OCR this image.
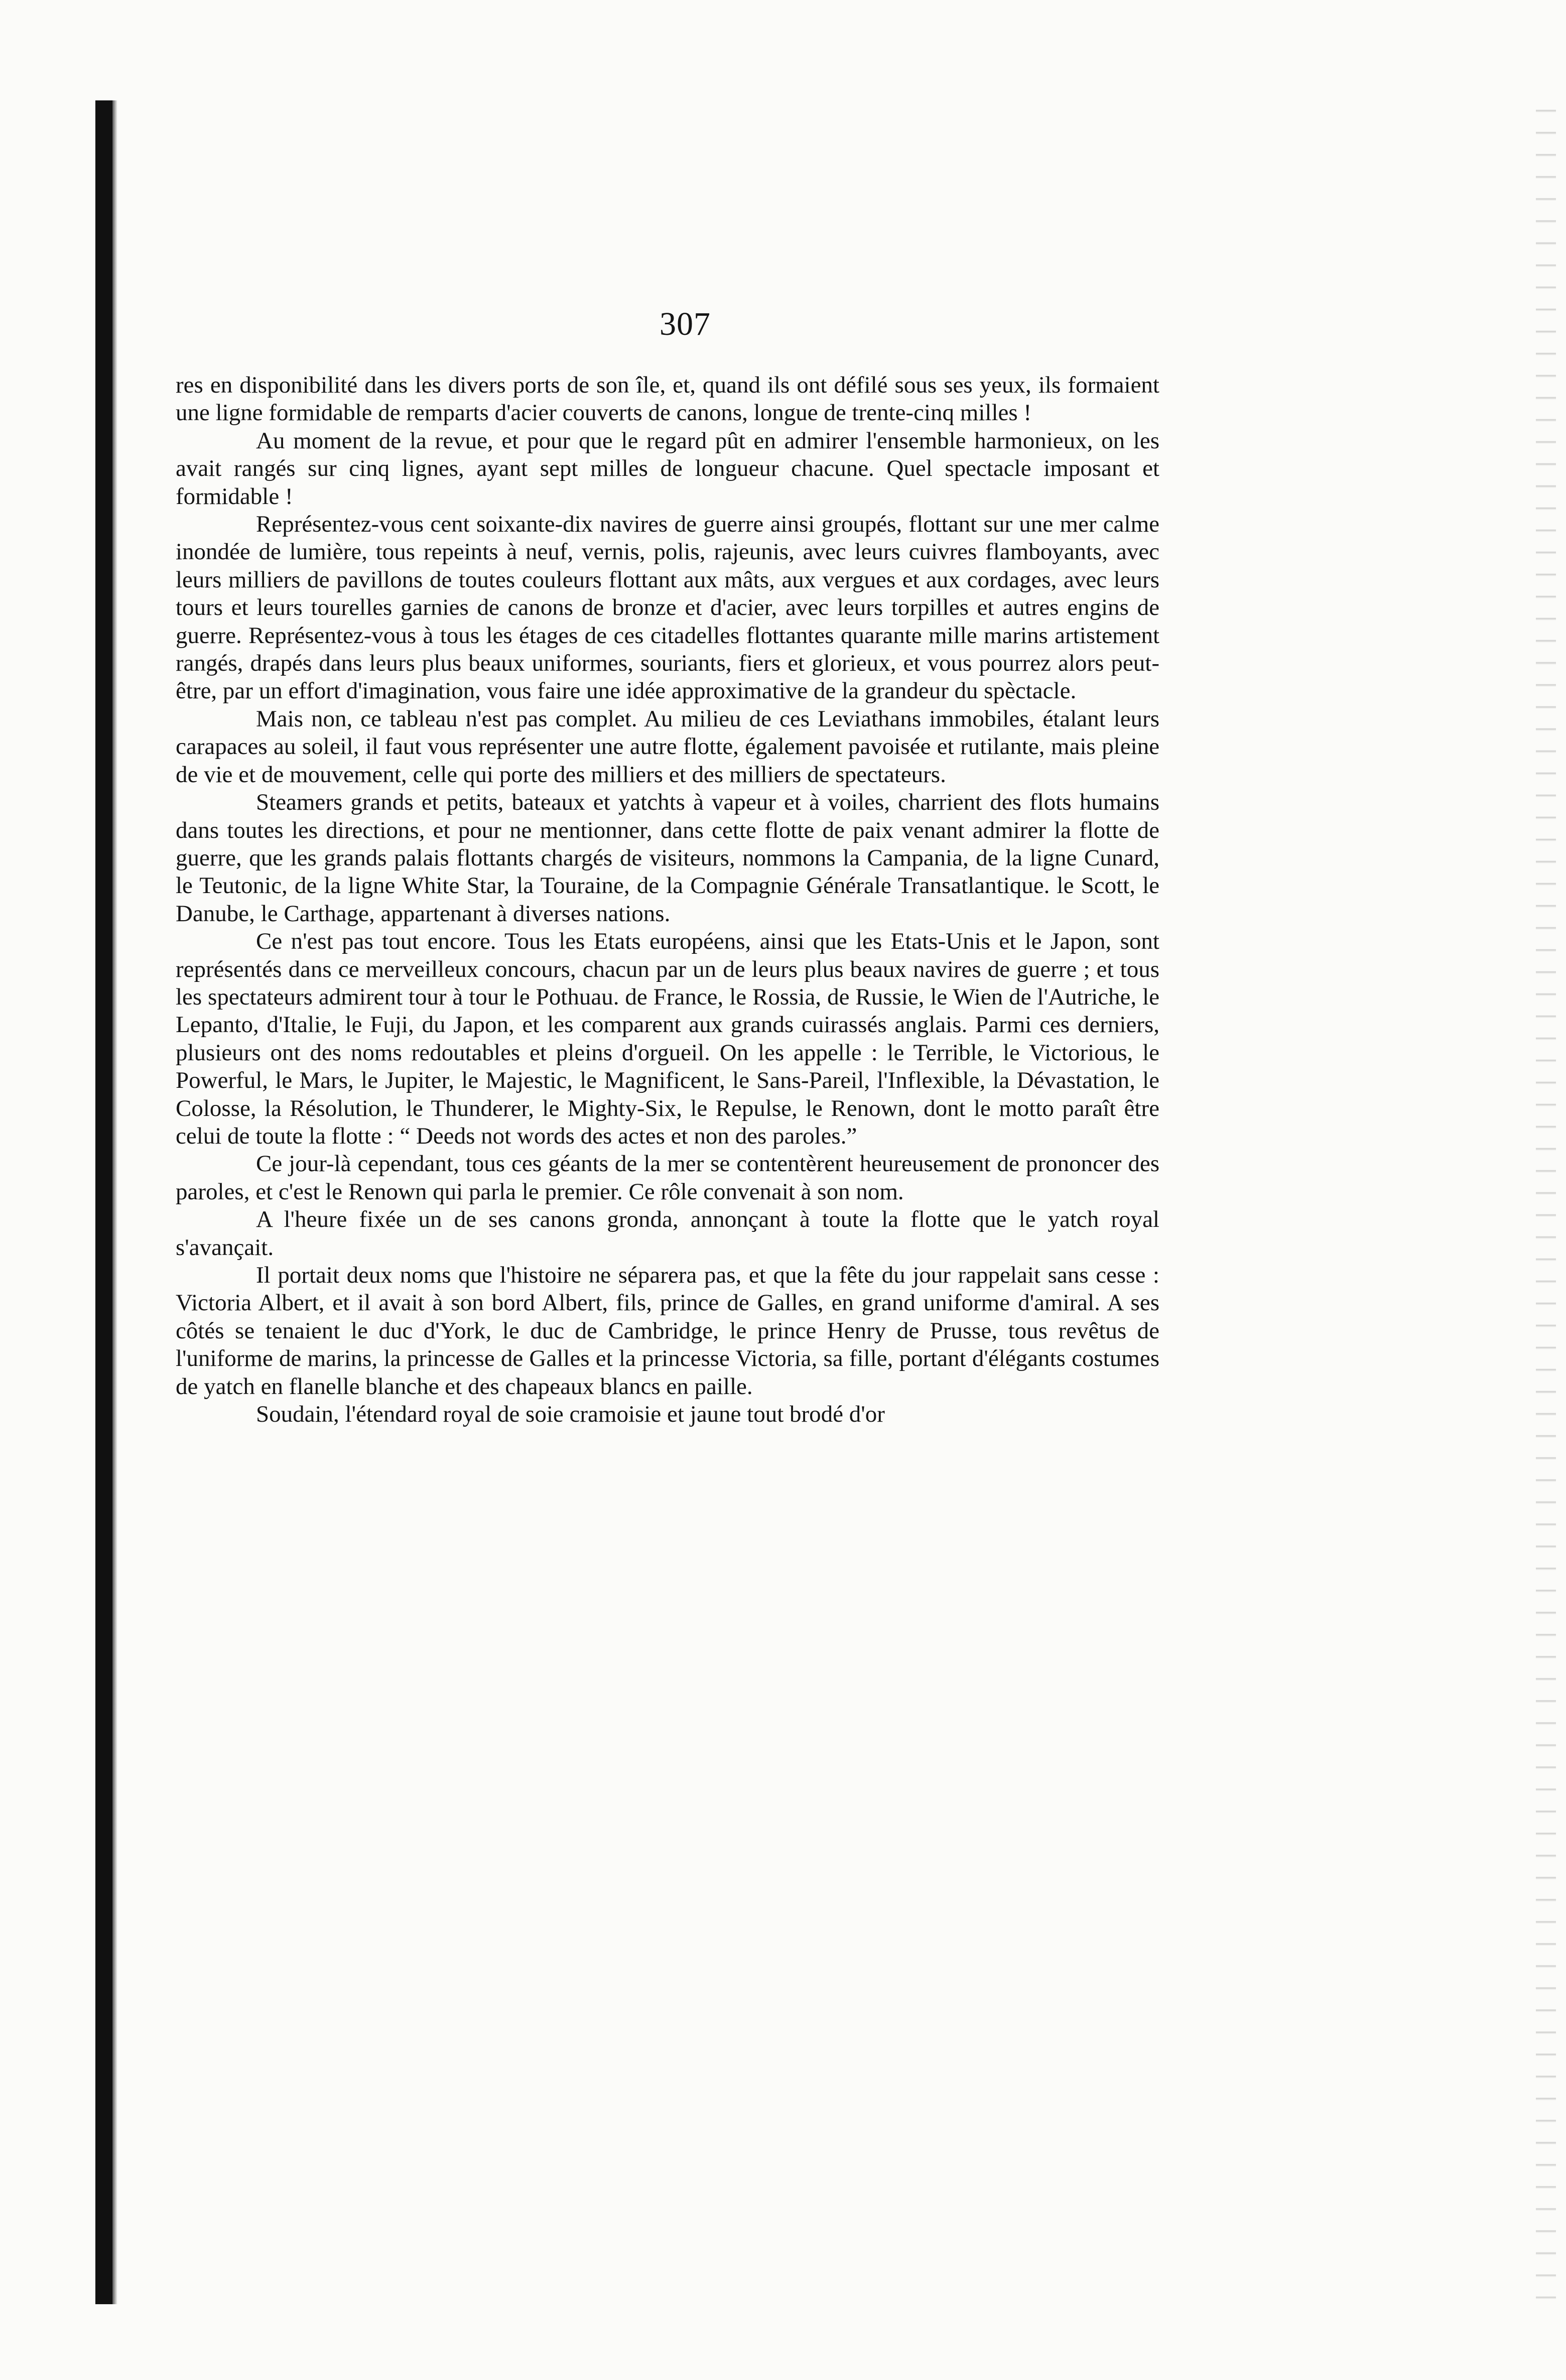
307

res en disponibilité dans les divers ports de son île, et, quand ils ont défilé sous ses yeux, ils formaient une ligne formidable de remparts d'acier couverts de canons, longue de trente-cinq milles !

Au moment de la revue, et pour que le regard pût en admirer l'ensemble harmonieux, on les avait rangés sur cinq lignes, ayant sept milles de longueur chacune. Quel spectacle imposant et formidable !

Représentez-vous cent soixante-dix navires de guerre ainsi groupés, flottant sur une mer calme inondée de lumière, tous repeints à neuf, vernis, polis, rajeunis, avec leurs cuivres flamboyants, avec leurs milliers de pavillons de toutes couleurs flottant aux mâts, aux vergues et aux cordages, avec leurs tours et leurs tourelles garnies de canons de bronze et d'acier, avec leurs torpilles et autres engins de guerre. Représentez-vous à tous les étages de ces citadelles flottantes quarante mille marins artistement rangés, drapés dans leurs plus beaux uniformes, souriants, fiers et glorieux, et vous pourrez alors peut-être, par un effort d'imagination, vous faire une idée approximative de la grandeur du spèctacle.

Mais non, ce tableau n'est pas complet. Au milieu de ces Leviathans immobiles, étalant leurs carapaces au soleil, il faut vous représenter une autre flotte, également pavoisée et rutilante, mais pleine de vie et de mouvement, celle qui porte des milliers et des milliers de spectateurs.

Steamers grands et petits, bateaux et yatchts à vapeur et à voiles, charrient des flots humains dans toutes les directions, et pour ne mentionner, dans cette flotte de paix venant admirer la flotte de guerre, que les grands palais flottants chargés de visiteurs, nommons la Campania, de la ligne Cunard, le Teutonic, de la ligne White Star, la Touraine, de la Compagnie Générale Transatlantique. le Scott, le Danube, le Carthage, appartenant à diverses nations.

Ce n'est pas tout encore. Tous les Etats européens, ainsi que les Etats-Unis et le Japon, sont représentés dans ce merveilleux concours, chacun par un de leurs plus beaux navires de guerre ; et tous les spectateurs admirent tour à tour le Pothuau. de France, le Rossia, de Russie, le Wien de l'Autriche, le Lepanto, d'Italie, le Fuji, du Japon, et les comparent aux grands cuirassés anglais. Parmi ces derniers, plusieurs ont des noms redoutables et pleins d'orgueil. On les appelle : le Terrible, le Victorious, le Powerful, le Mars, le Jupiter, le Majestic, le Magnificent, le Sans-Pareil, l'Inflexible, la Dévastation, le Colosse, la Résolution, le Thunderer, le Mighty-Six, le Repulse, le Renown, dont le motto paraît être celui de toute la flotte : “ Deeds not words des actes et non des paroles.”

Ce jour-là cependant, tous ces géants de la mer se contentèrent heureusement de prononcer des paroles, et c'est le Renown qui parla le premier. Ce rôle convenait à son nom.

A l'heure fixée un de ses canons gronda, annonçant à toute la flotte que le yatch royal s'avançait.

Il portait deux noms que l'histoire ne séparera pas, et que la fête du jour rappelait sans cesse : Victoria Albert, et il avait à son bord Albert, fils, prince de Galles, en grand uniforme d'amiral. A ses côtés se tenaient le duc d'York, le duc de Cambridge, le prince Henry de Prusse, tous revêtus de l'uniforme de marins, la princesse de Galles et la princesse Victoria, sa fille, portant d'élégants costumes de yatch en flanelle blanche et des chapeaux blancs en paille.

Soudain, l'étendard royal de soie cramoisie et jaune tout brodé d'or
